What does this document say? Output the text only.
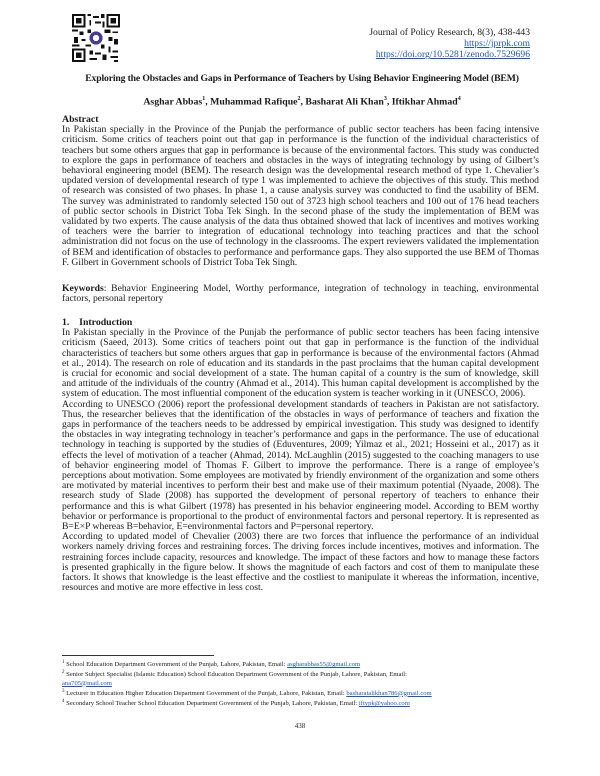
Journal of Policy Research, 8(3), 438-443
https://jprpk.com
https://doi.org/10.5281/zenodo.7529696
Exploring the Obstacles and Gaps in Performance of Teachers by Using Behavior Engineering Model (BEM)
Asghar Abbas$^1$, Muhammad Rafique$^2$, Basharat Ali Khan$^3$, Iftikhar Ahmad$^4$
Abstract

In Pakistan specially in the Province of the Punjab the performance of public sector teachers has been facing intensive criticism. Some critics of teachers point out that gap in performance is the function of the individual characteristics of teachers but some others argues that gap in performance is because of the environmental factors. This study was conducted to explore the gaps in performance of teachers and obstacles in the ways of integrating technology by using of Gilbert’s behavioral engineering model (BEM). The research design was the developmental research method of type 1. Chevalier’s updated version of developmental research of type 1 was implemented to achieve the objectives of this study. This method of research was consisted of two phases. In phase 1, a cause analysis survey was conducted to find the usability of BEM. The survey was administrated to randomly selected 150 out of 3723 high school teachers and 100 out of 176 head teachers of public sector schools in District Toba Tek Singh. In the second phase of the study the implementation of BEM was validated by two experts. The cause analysis of the data thus obtained showed that lack of incentives and motives working of teachers were the barrier to integration of educational technology into teaching practices and that the school administration did not focus on the use of technology in the classrooms. The expert reviewers validated the implementation of BEM and identification of obstacles to performance and performance gaps. They also supported the use BEM of Thomas F. Gilbert in Government schools of District Toba Tek Singh.

Keywords: Behavior Engineering Model, Worthy performance, integration of technology in teaching, environmental factors, personal repertory

1.    Introduction

In Pakistan specially in the Province of the Punjab the performance of public sector teachers has been facing intensive criticism (Saeed, 2013). Some critics of teachers point out that gap in performance is the function of the individual characteristics of teachers but some others argues that gap in performance is because of the environmental factors (Ahmad et al., 2014). The research on role of education and its standards in the past proclaims that the human capital development is crucial for economic and social development of a state. The human capital of a country is the sum of knowledge, skill and attitude of the individuals of the country (Ahmad et al., 2014). This human capital development is accomplished by the system of education. The most influential component of the education system is teacher working in it (UNESCO, 2006).

According to UNESCO (2006) report the professional development standards of teachers in Pakistan are not satisfactory. Thus, the researcher believes that the identification of the obstacles in ways of performance of teachers and fixation the gaps in performance of the teachers needs to be addressed by empirical investigation. This study was designed to identify the obstacles in way integrating technology in teacher’s performance and gaps in the performance. The use of educational technology in teaching is supported by the studies of (Eduventures, 2009; Yilmaz et al., 2021; Hosseini et al., 2017) as it effects the level of motivation of a teacher (Ahmad, 2014). McLaughlin (2015) suggested to the coaching managers to use of behavior engineering model of Thomas F. Gilbert to improve the performance. There is a range of employee’s perceptions about motivation. Some employees are motivated by friendly environment of the organization and some others are motivated by material incentives to perform their best and make use of their maximum potential (Nyaade, 2008). The research study of Slade (2008) has supported the development of personal repertory of teachers to enhance their performance and this is what Gilbert (1978) has presented in his behavior engineering model. According to BEM worthy behavior or performance is proportional to the product of environmental factors and personal repertory. It is represented as B=E×P whereas B=behavior, E=environmental factors and P=personal repertory.

According to updated model of Chevalier (2003) there are two forces that influence the performance of an individual workers namely driving forces and restraining forces. The driving forces include incentives, motives and information. The restraining forces include capacity, resources and knowledge. The impact of these factors and how to manage these factors is presented graphically in the figure below. It shows the magnitude of each factors and cost of them to manipulate these factors. It shows that knowledge is the least effective and the costliest to manipulate it whereas the information, incentive, resources and motive are more effective in less cost.

$^1$ School Education Department Government of the Punjab, Lahore, Pakistan, Email: asgharabbas55@gmail.com
$^2$ Senior Subject Specialist (Islamic Education) School Education Department Government of the Punjab, Lahore, Pakistan, Email:
ana705@mail.com
$^3$ Lecturer in Education Higher Education Department Government of the Punjab, Lahore, Pakistan, Email: basharatalikhan786@gmail.com
$^4$ Secondary School Teacher School Education Department Government of the Punjab, Lahore, Pakistan, Email: iftypk@yahoo.com
438
